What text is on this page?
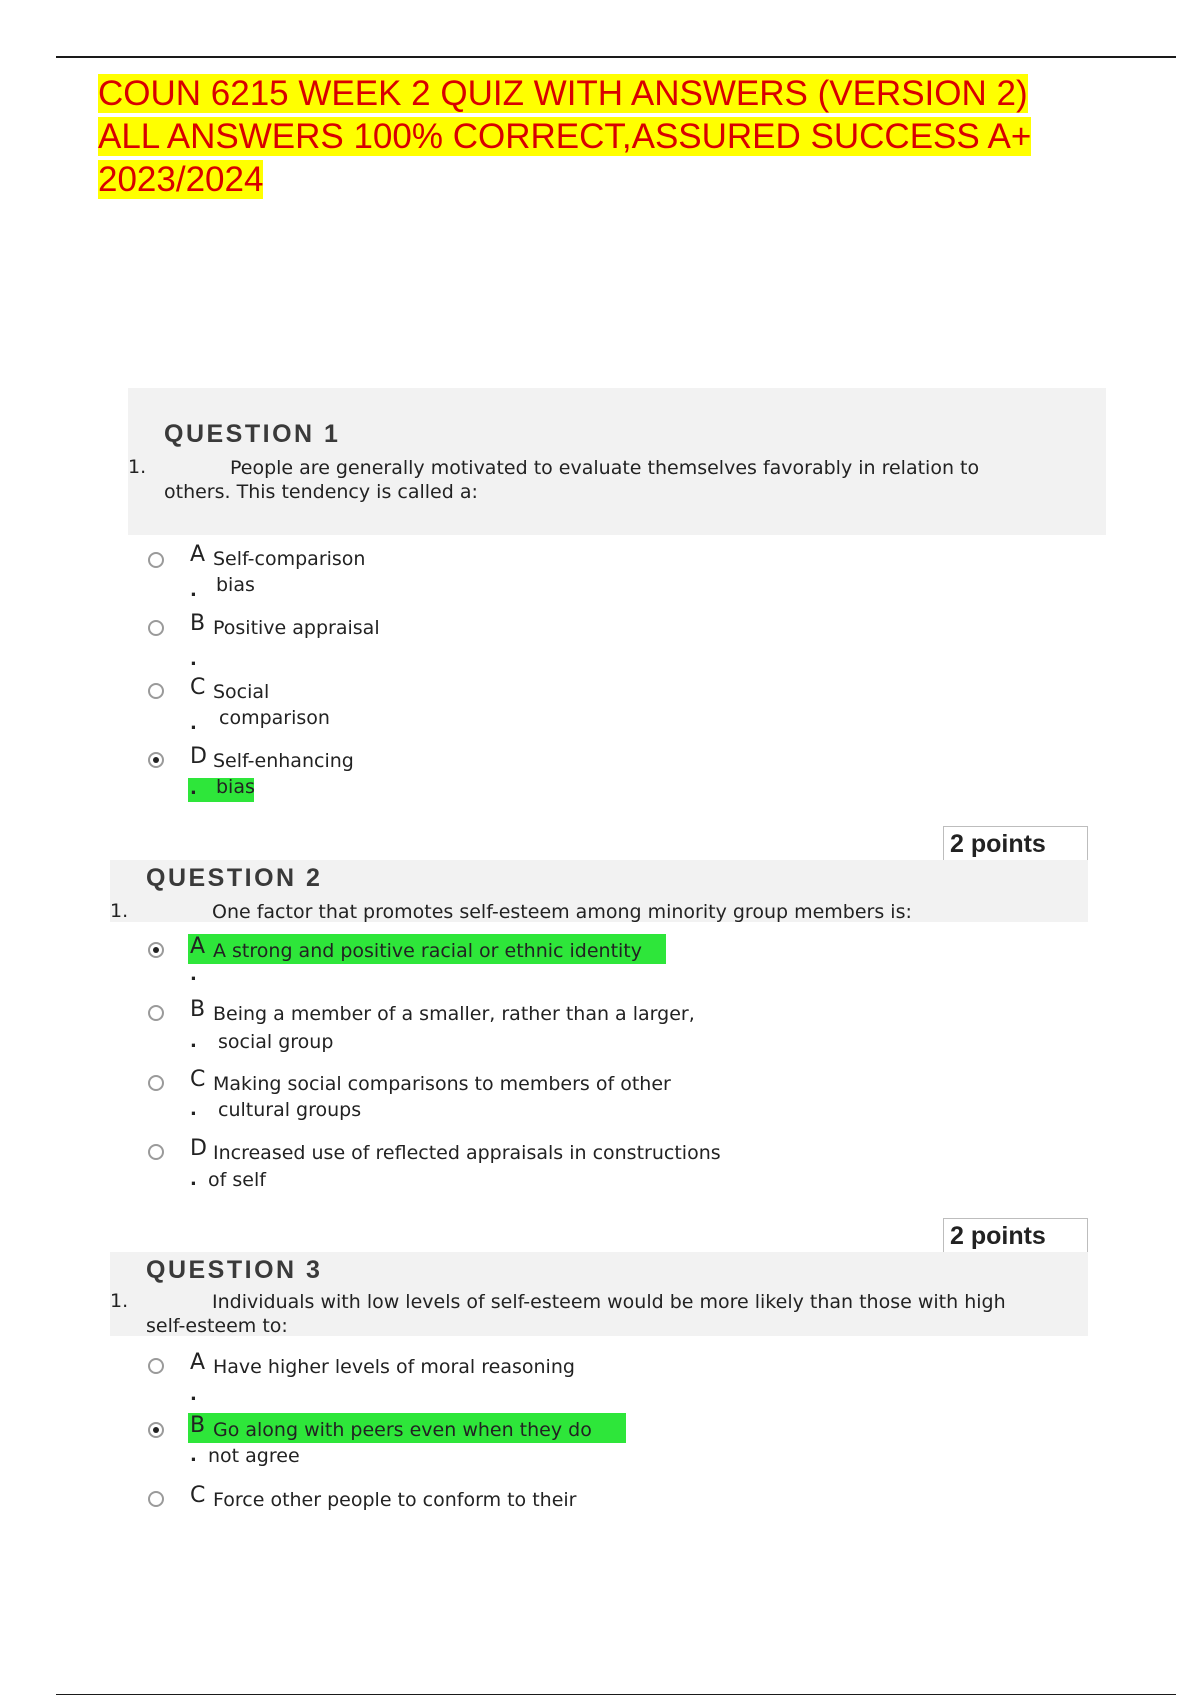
COUN 6215 WEEK 2 QUIZ WITH ANSWERS (VERSION 2) ALL ANSWERS 100% CORRECT,ASSURED SUCCESS A+ 2023/2024
QUESTION 1
1.	People are generally motivated to evaluate themselves favorably in relation to
others. This tendency is called a:
A Self-comparison
. bias
B Positive appraisal
.
C Social
. comparison
D Self-enhancing
. bias
2 points
QUESTION 2
1.	One factor that promotes self-esteem among minority group members is:
A A strong and positive racial or ethnic identity
.
B Being a member of a smaller, rather than a larger,
. social group
C Making social comparisons to members of other
. cultural groups
D Increased use of reflected appraisals in constructions
. of self
2 points
QUESTION 3
1.	Individuals with low levels of self-esteem would be more likely than those with high
self-esteem to:
A Have higher levels of moral reasoning
.
B Go along with peers even when they do
. not agree
C Force other people to conform to their
